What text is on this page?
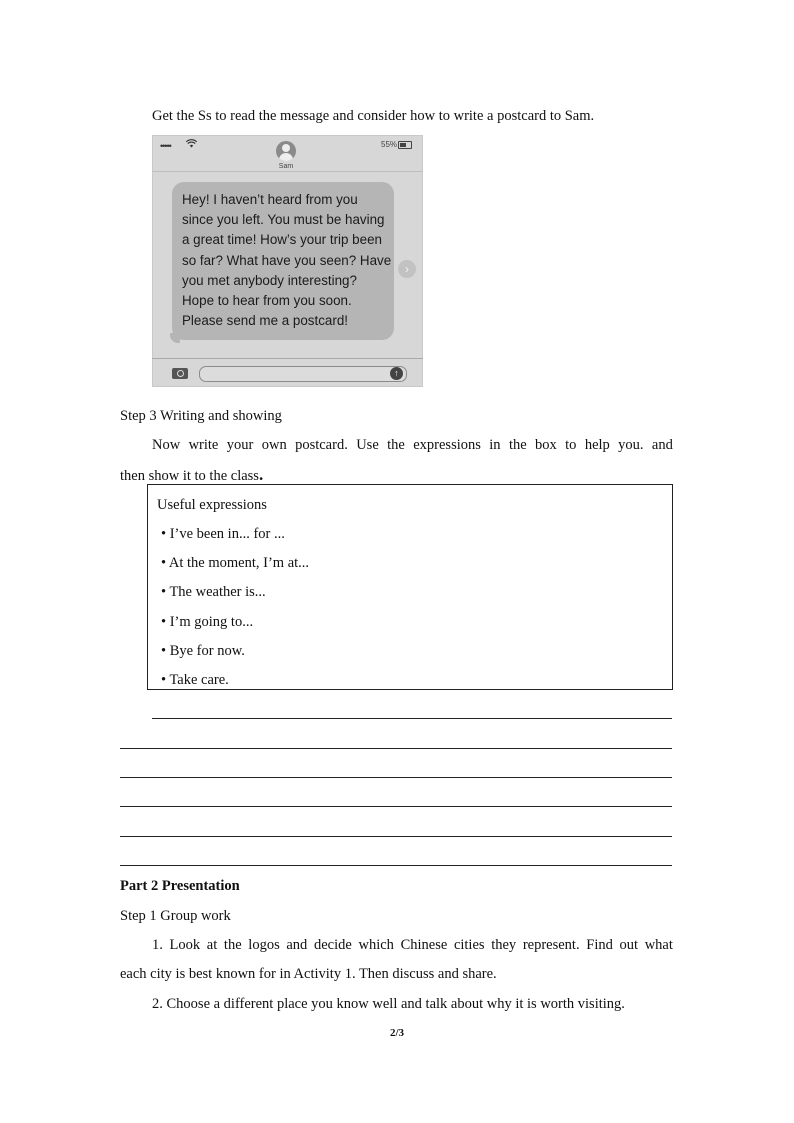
Get the Ss to read the message and consider how to write a postcard to Sam.
•••••	55%
Sam
Hey! I haven’t heard from you
since you left. You must be having
a great time! How’s your trip been
so far? What have you seen? Have
you met anybody interesting?
Hope to hear from you soon.
Please send me a postcard!
›
↑
Step 3 Writing and showing
Now write your own postcard. Use the expressions in the box to help you. and
then show it to the class.
Useful expressions
• I’ve been in... for ...
• At the moment, I’m at...
• The weather is...
• I’m going to...
• Bye for now.
• Take care.
Part 2 Presentation
Step 1 Group work
1. Look at the logos and decide which Chinese cities they represent. Find out what
each city is best known for in Activity 1. Then discuss and share.
2. Choose a different place you know well and talk about why it is worth visiting.
2/3
